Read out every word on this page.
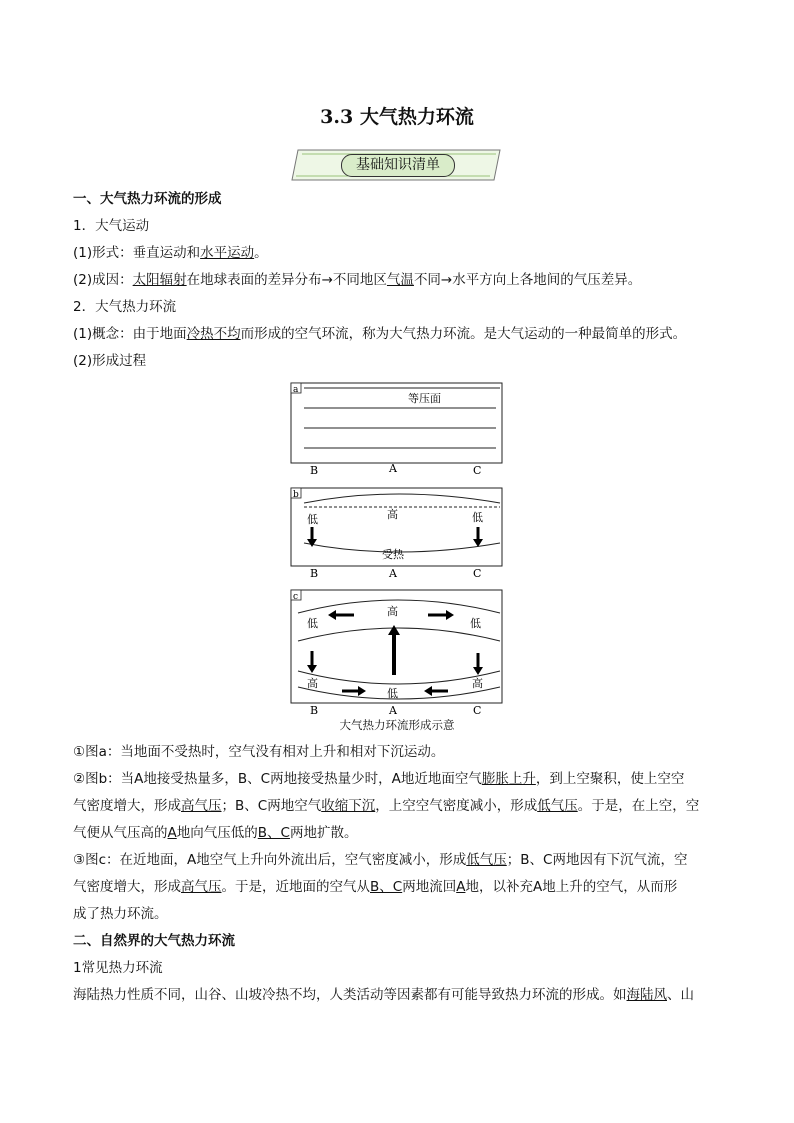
3.3 大气热力环流
基础知识清单
一、大气热力环流的形成
1．大气运动
(1)形式：垂直运动和水平运动。
(2)成因：太阳辐射在地球表面的差异分布→不同地区气温不同→水平方向上各地间的气压差异。
2．大气热力环流
(1)概念：由于地面冷热不均而形成的空气环流，称为大气热力环流。是大气运动的一种最简单的形式。
(2)形成过程
a
等压面
B	A	C
b
高
低	低
受热
B	A	C
c
高
低	低
高	高
低
B	A	C
大气热力环流形成示意
①图a：当地面不受热时，空气没有相对上升和相对下沉运动。
②图b：当A地接受热量多，B、C两地接受热量少时，A地近地面空气膨胀上升，到上空聚积，使上空空
气密度增大，形成高气压；B、C两地空气收缩下沉，上空空气密度减小，形成低气压。于是，在上空，空
气便从气压高的A地向气压低的B、C两地扩散。
③图c：在近地面，A地空气上升向外流出后，空气密度减小，形成低气压；B、C两地因有下沉气流，空
气密度增大，形成高气压。于是，近地面的空气从B、C两地流回A地，以补充A地上升的空气，从而形
成了热力环流。
二、自然界的大气热力环流
1常见热力环流
海陆热力性质不同，山谷、山坡冷热不均，人类活动等因素都有可能导致热力环流的形成。如海陆风、山
